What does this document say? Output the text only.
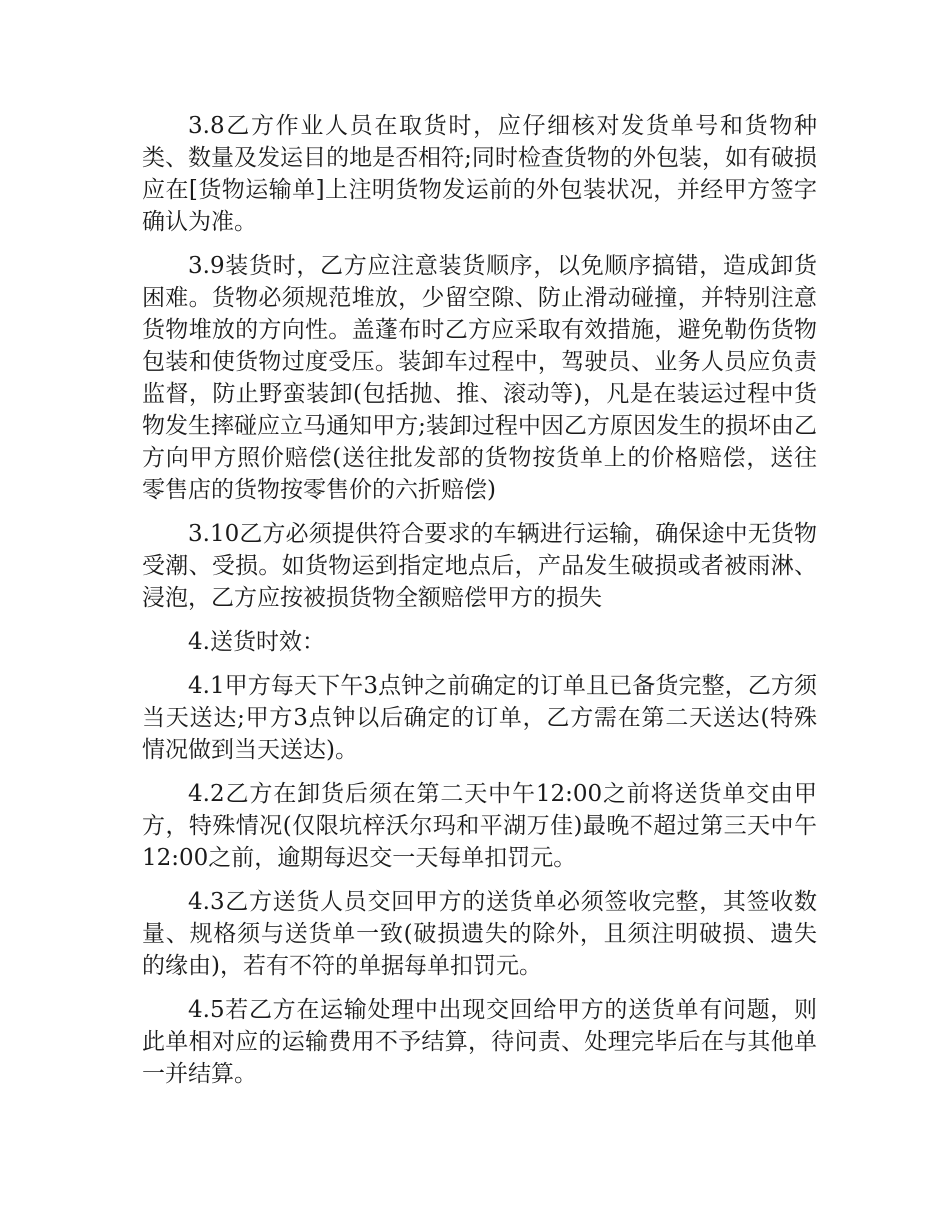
3.8乙方作业人员在取货时，应仔细核对发货单号和货物种类、数量及发运目的地是否相符;同时检查货物的外包装，如有破损应在[货物运输单]上注明货物发运前的外包装状况，并经甲方签字确认为准。

3.9装货时，乙方应注意装货顺序，以免顺序搞错，造成卸货困难。货物必须规范堆放，少留空隙、防止滑动碰撞，并特别注意货物堆放的方向性。盖蓬布时乙方应采取有效措施，避免勒伤货物包装和使货物过度受压。装卸车过程中，驾驶员、业务人员应负责监督，防止野蛮装卸(包括抛、推、滚动等)，凡是在装运过程中货物发生摔碰应立马通知甲方;装卸过程中因乙方原因发生的损坏由乙方向甲方照价赔偿(送往批发部的货物按货单上的价格赔偿，送往零售店的货物按零售价的六折赔偿)

3.10乙方必须提供符合要求的车辆进行运输，确保途中无货物受潮、受损。如货物运到指定地点后，产品发生破损或者被雨淋、浸泡，乙方应按被损货物全额赔偿甲方的损失

4.送货时效：

4.1甲方每天下午3点钟之前确定的订单且已备货完整，乙方须当天送达;甲方3点钟以后确定的订单，乙方需在第二天送达(特殊情况做到当天送达)。

4.2乙方在卸货后须在第二天中午12:00之前将送货单交由甲方，特殊情况(仅限坑梓沃尔玛和平湖万佳)最晚不超过第三天中午12:00之前，逾期每迟交一天每单扣罚元。

4.3乙方送货人员交回甲方的送货单必须签收完整，其签收数量、规格须与送货单一致(破损遗失的除外，且须注明破损、遗失的缘由)，若有不符的单据每单扣罚元。

4.5若乙方在运输处理中出现交回给甲方的送货单有问题，则此单相对应的运输费用不予结算，待问责、处理完毕后在与其他单一并结算。
